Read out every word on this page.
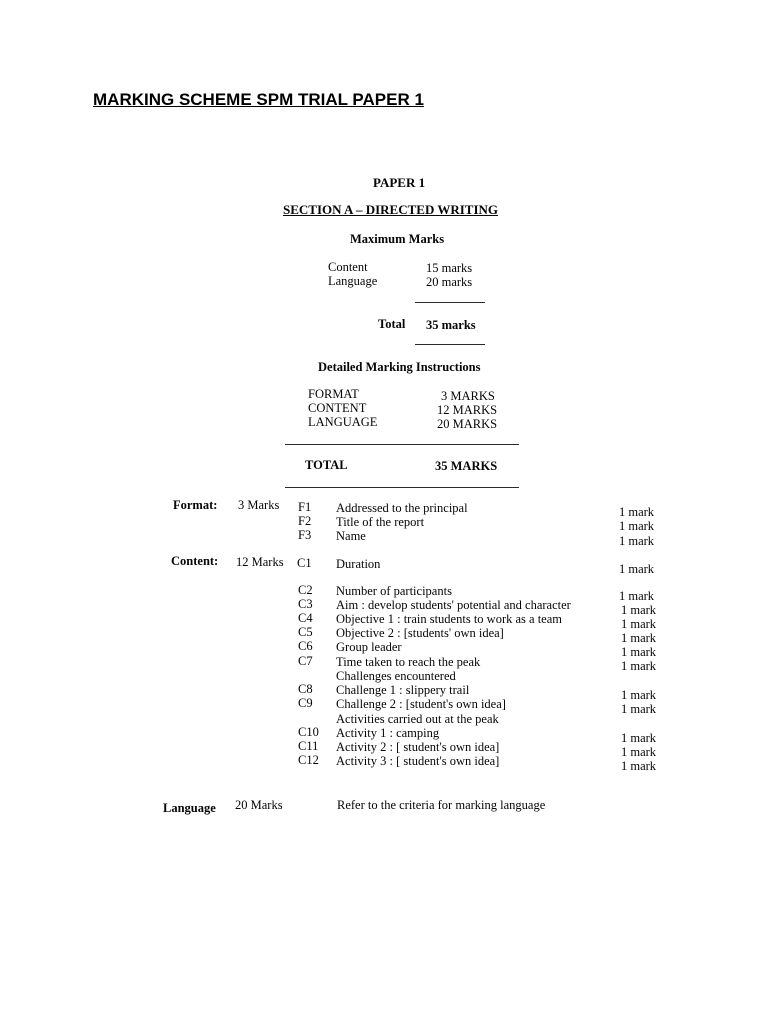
MARKING SCHEME SPM TRIAL PAPER 1
PAPER 1
SECTION A – DIRECTED WRITING
Maximum Marks
Content	15 marks
Language	20 marks
Total 35 marks
Detailed Marking Instructions
FORMAT	3 MARKS
CONTENT	12 MARKS
LANGUAGE	20 MARKS
TOTAL	35 MARKS
Format: 3 Marks F1 Addressed to the principal	1 mark
F2 Title of the report	1 mark
F3 Name	1 mark
Content: 12 Marks C1 Duration	1 mark
C2 Number of participants	1 mark
C3 Aim : develop students' potential and character	1 mark
C4 Objective 1 : train students to work as a team	1 mark
C5 Objective 2 : [students' own idea]	1 mark
C6 Group leader	1 mark
C7 Time taken to reach the peak	1 mark
Challenges encountered
C8 Challenge 1 : slippery trail	1 mark
C9 Challenge 2 : [student's own idea]	1 mark
Activities carried out at the peak
C10 Activity 1 : camping	1 mark
C11 Activity 2 : [ student's own idea]	1 mark
C12 Activity 3 : [ student's own idea]	1 mark
Language 20 Marks	Refer to the criteria for marking language
